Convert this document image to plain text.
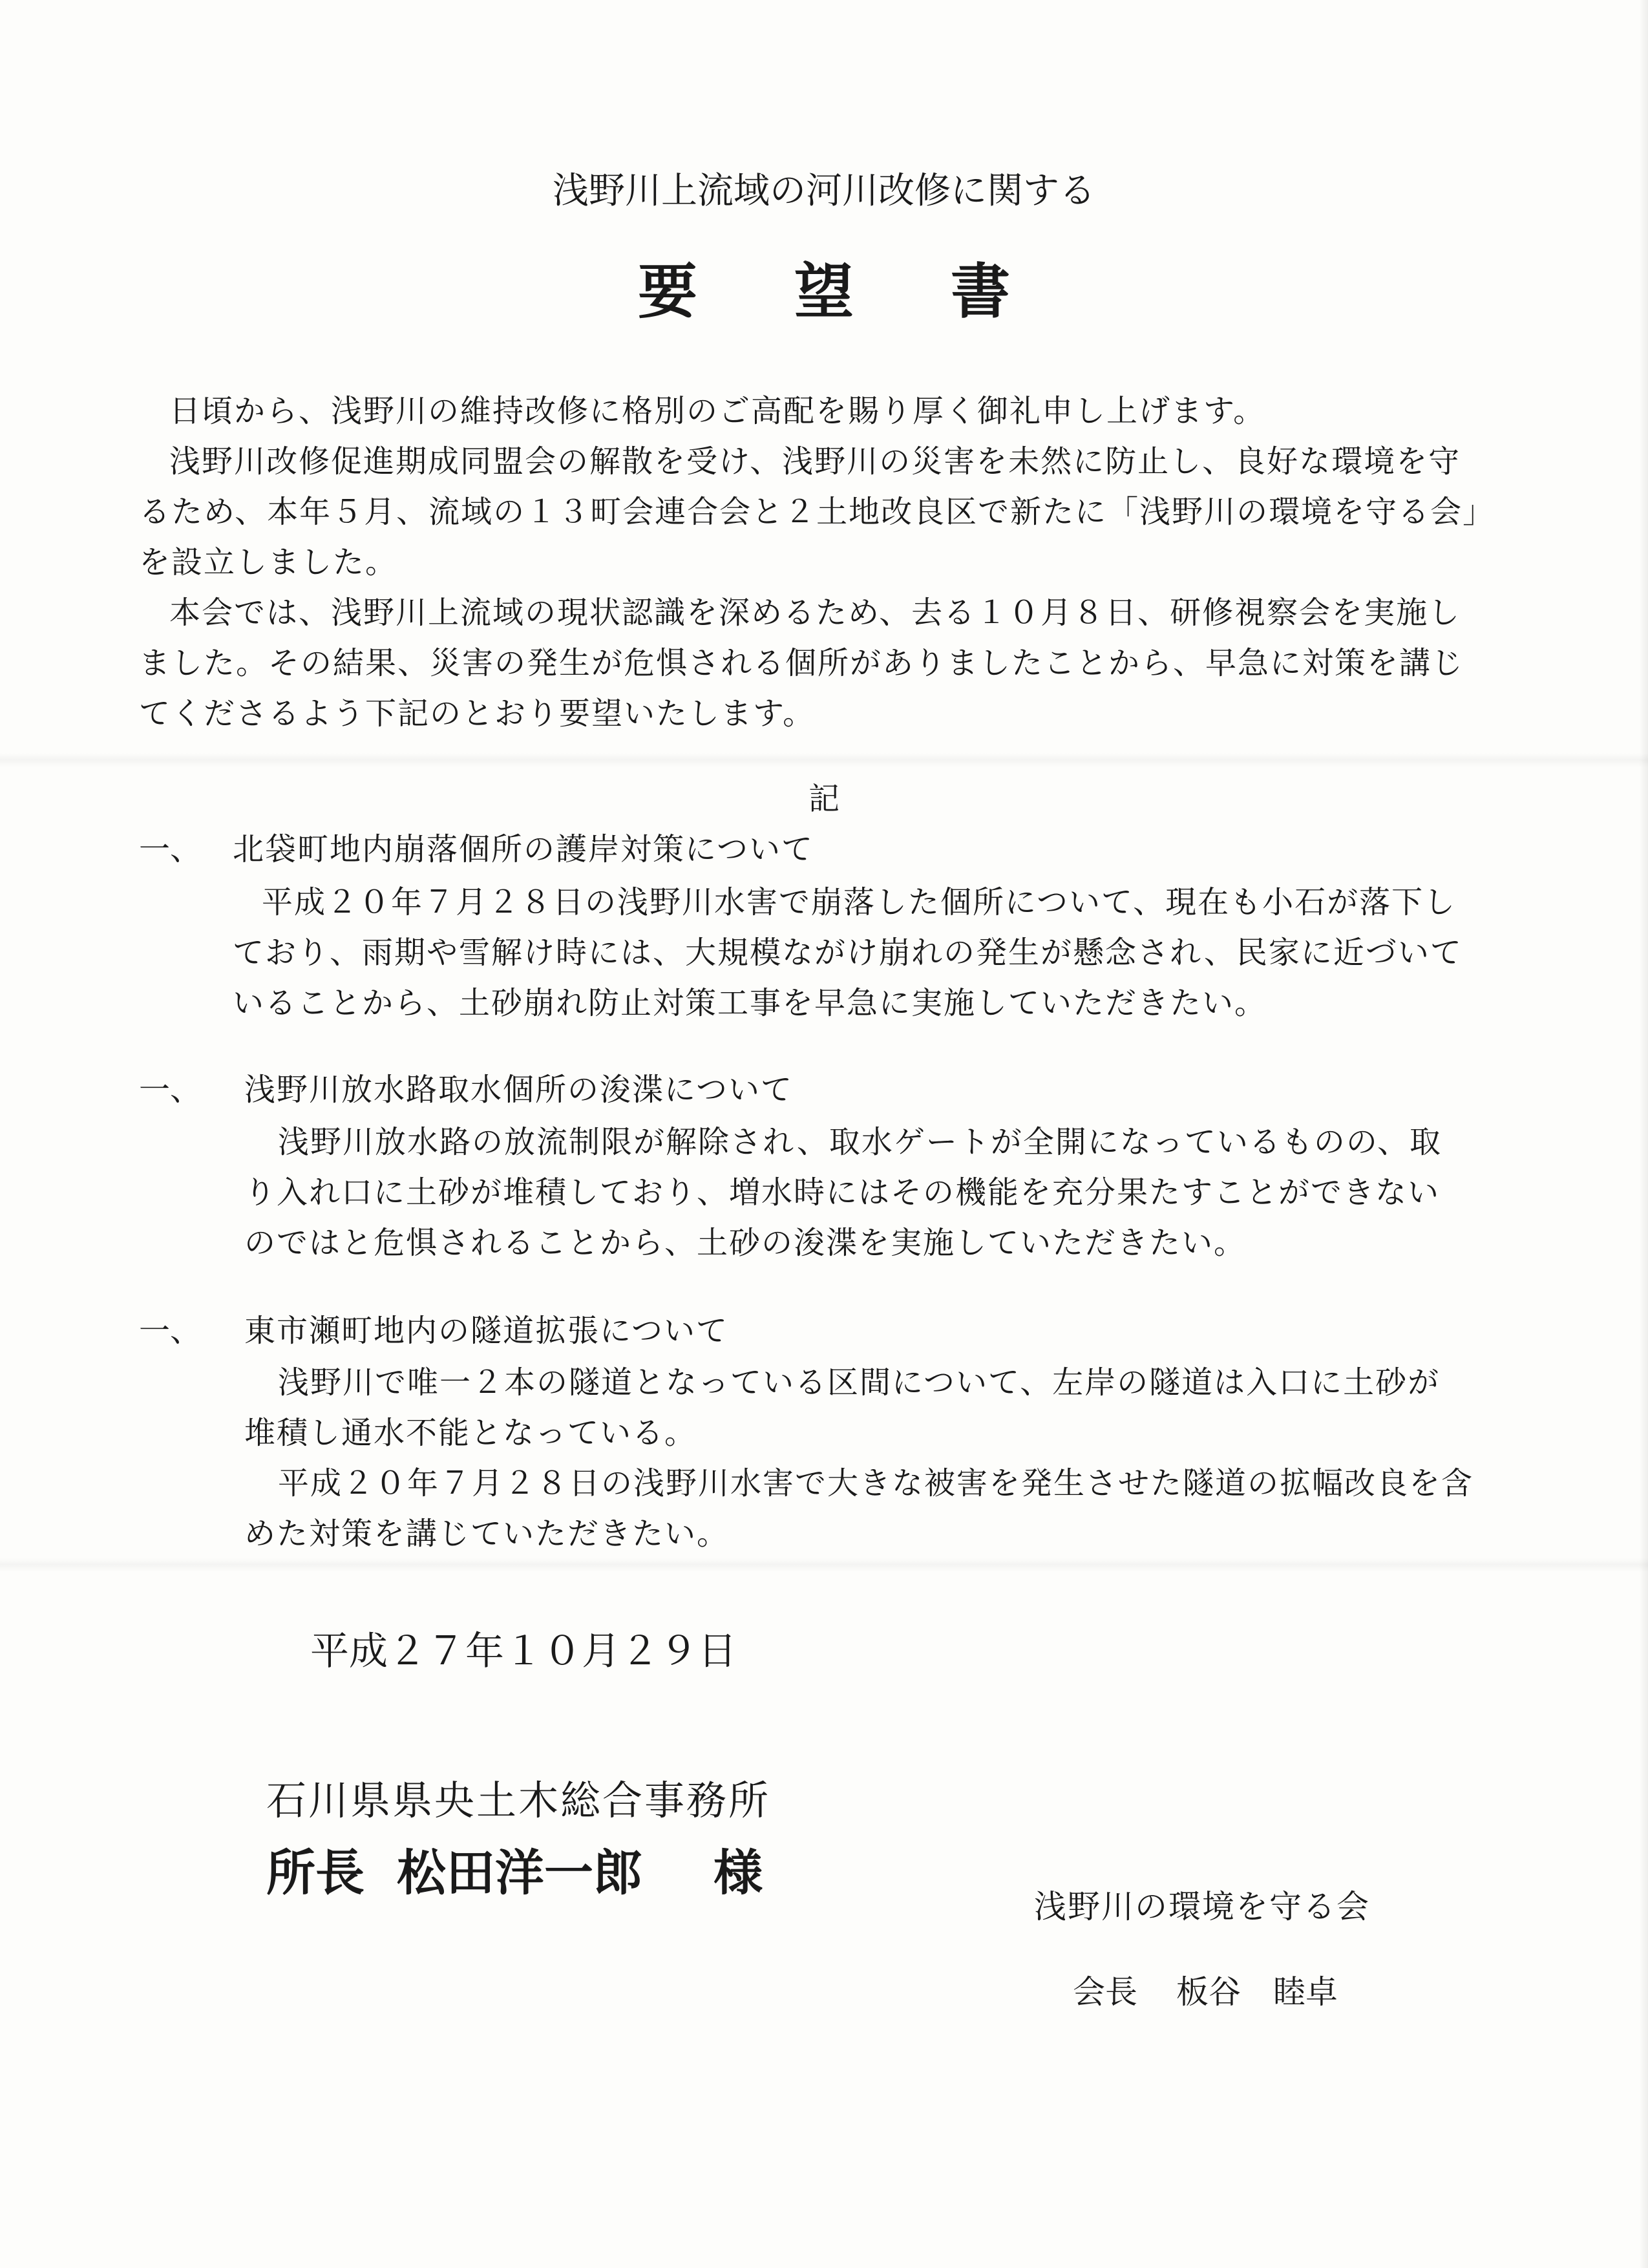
浅野川上流域の河川改修に関する
要望書
日頃から、浅野川の維持改修に格別のご高配を賜り厚く御礼申し上げます。
浅野川改修促進期成同盟会の解散を受け、浅野川の災害を未然に防止し、良好な環境を守
るため、本年５月、流域の１３町会連合会と２土地改良区で新たに「浅野川の環境を守る会」
を設立しました。
本会では、浅野川上流域の現状認識を深めるため、去る１０月８日、研修視察会を実施し
ました。その結果、災害の発生が危惧される個所がありましたことから、早急に対策を講じ
てくださるよう下記のとおり要望いたします。
記
一、 北袋町地内崩落個所の護岸対策について
平成２０年７月２８日の浅野川水害で崩落した個所について、現在も小石が落下し
ており、雨期や雪解け時には、大規模ながけ崩れの発生が懸念され、民家に近づいて
いることから、土砂崩れ防止対策工事を早急に実施していただきたい。
一、 浅野川放水路取水個所の浚渫について
浅野川放水路の放流制限が解除され、取水ゲートが全開になっているものの、取
り入れ口に土砂が堆積しており、増水時にはその機能を充分果たすことができない
のではと危惧されることから、土砂の浚渫を実施していただきたい。
一、 東市瀬町地内の隧道拡張について
浅野川で唯一２本の隧道となっている区間について、左岸の隧道は入口に土砂が
堆積し通水不能となっている。
平成２０年７月２８日の浅野川水害で大きな被害を発生させた隧道の拡幅改良を含
めた対策を講じていただきたい。
平成２７年１０月２９日
石川県県央土木総合事務所
所長 松田洋一郎 様
浅野川の環境を守る会
会長 板谷　睦卓
